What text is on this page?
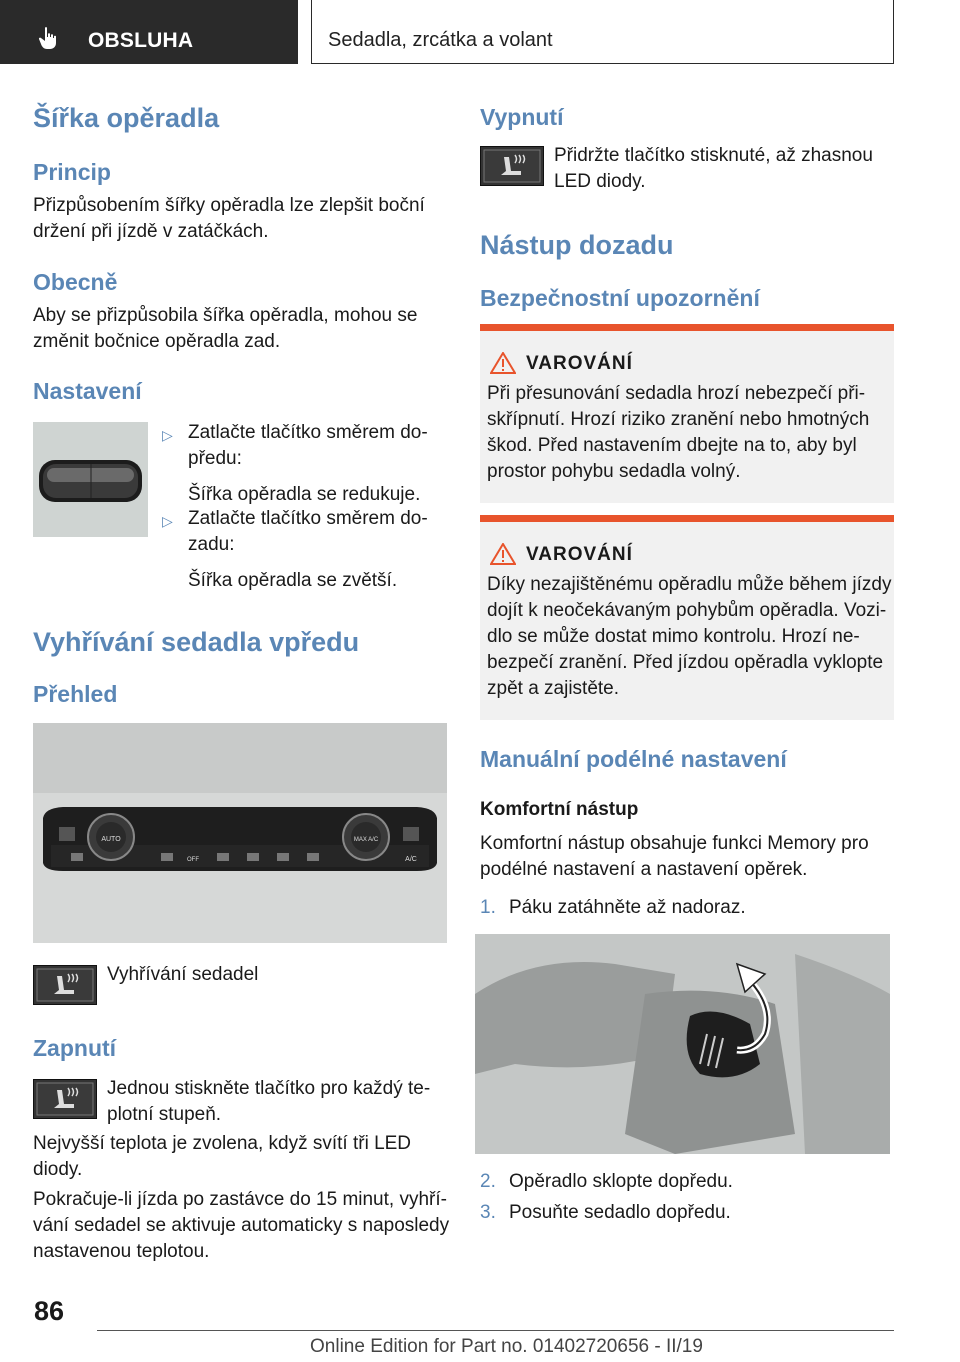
OBSLUHA	Sedadla, zrcátka a volant
Šířka opěradla
Princip
Přizpůsobením šířky opěradla lze zlepšit boční
držení při jízdě v zatáčkách.
Obecně
Aby se přizpůsobila šířka opěradla, mohou se
změnit bočnice opěradla zad.
Nastavení
▷ Zatlačte tlačítko směrem do-
předu:
Šířka opěradla se redukuje.
▷ Zatlačte tlačítko směrem do-
zadu:
Šířka opěradla se zvětší.
Vyhřívání sedadla vpředu
Přehled
AUTO	MAX A/C
A/C
OFF
Vyhřívání sedadel
Zapnutí
Jednou stiskněte tlačítko pro každý te-
plotní stupeň.
Nejvyšší teplota je zvolena, když svítí tři LED
diody.
Pokračuje-li jízda po zastávce do 15 minut, vyhří-
vání sedadel se aktivuje automaticky s naposledy
nastavenou teplotou.
Vypnutí
Přidržte tlačítko stisknuté, až zhasnou
LED diody.
Nástup dozadu
Bezpečnostní upozornění
VAROVÁNÍ
Při přesunování sedadla hrozí nebezpečí při-
skřípnutí. Hrozí riziko zranění nebo hmotných
škod. Před nastavením dbejte na to, aby byl
prostor pohybu sedadla volný.
VAROVÁNÍ
Díky nezajištěnému opěradlu může během jízdy
dojít k neočekávaným pohybům opěradla. Vozi-
dlo se může dostat mimo kontrolu. Hrozí ne-
bezpečí zranění. Před jízdou opěradla vyklopte
zpět a zajistěte.
Manuální podélné nastavení
Komfortní nástup
Komfortní nástup obsahuje funkci Memory pro
podélné nastavení a nastavení opěrek.
1. Páku zatáhněte až nadoraz.
2. Opěradlo sklopte dopředu.
3. Posuňte sedadlo dopředu.
86
Online Edition for Part no. 01402720656 - II/19
